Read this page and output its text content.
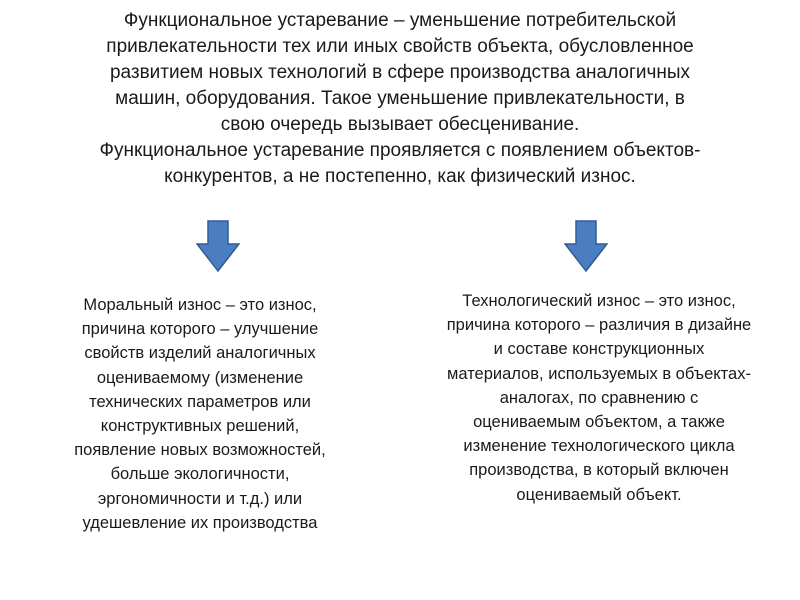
Функциональное устаревание – уменьшение потребительской
привлекательности тех или иных свойств объекта, обусловленное
развитием новых технологий в сфере производства аналогичных
машин, оборудования. Такое уменьшение привлекательности, в
свою очередь вызывает обесценивание.
Функциональное устаревание проявляется с появлением объектов-
конкурентов, а не постепенно, как физический износ.
Моральный износ – это износ,
причина которого – улучшение
свойств изделий аналогичных
оцениваемому (изменение
технических параметров или
конструктивных решений,
появление новых возможностей,
больше экологичности,
эргономичности и т.д.) или
удешевление их производства
Технологический износ – это износ,
причина которого – различия в дизайне
и составе конструкционных
материалов, используемых в объектах-
аналогах, по сравнению с
оцениваемым объектом, а также
изменение технологического цикла
производства, в который включен
оцениваемый объект.
